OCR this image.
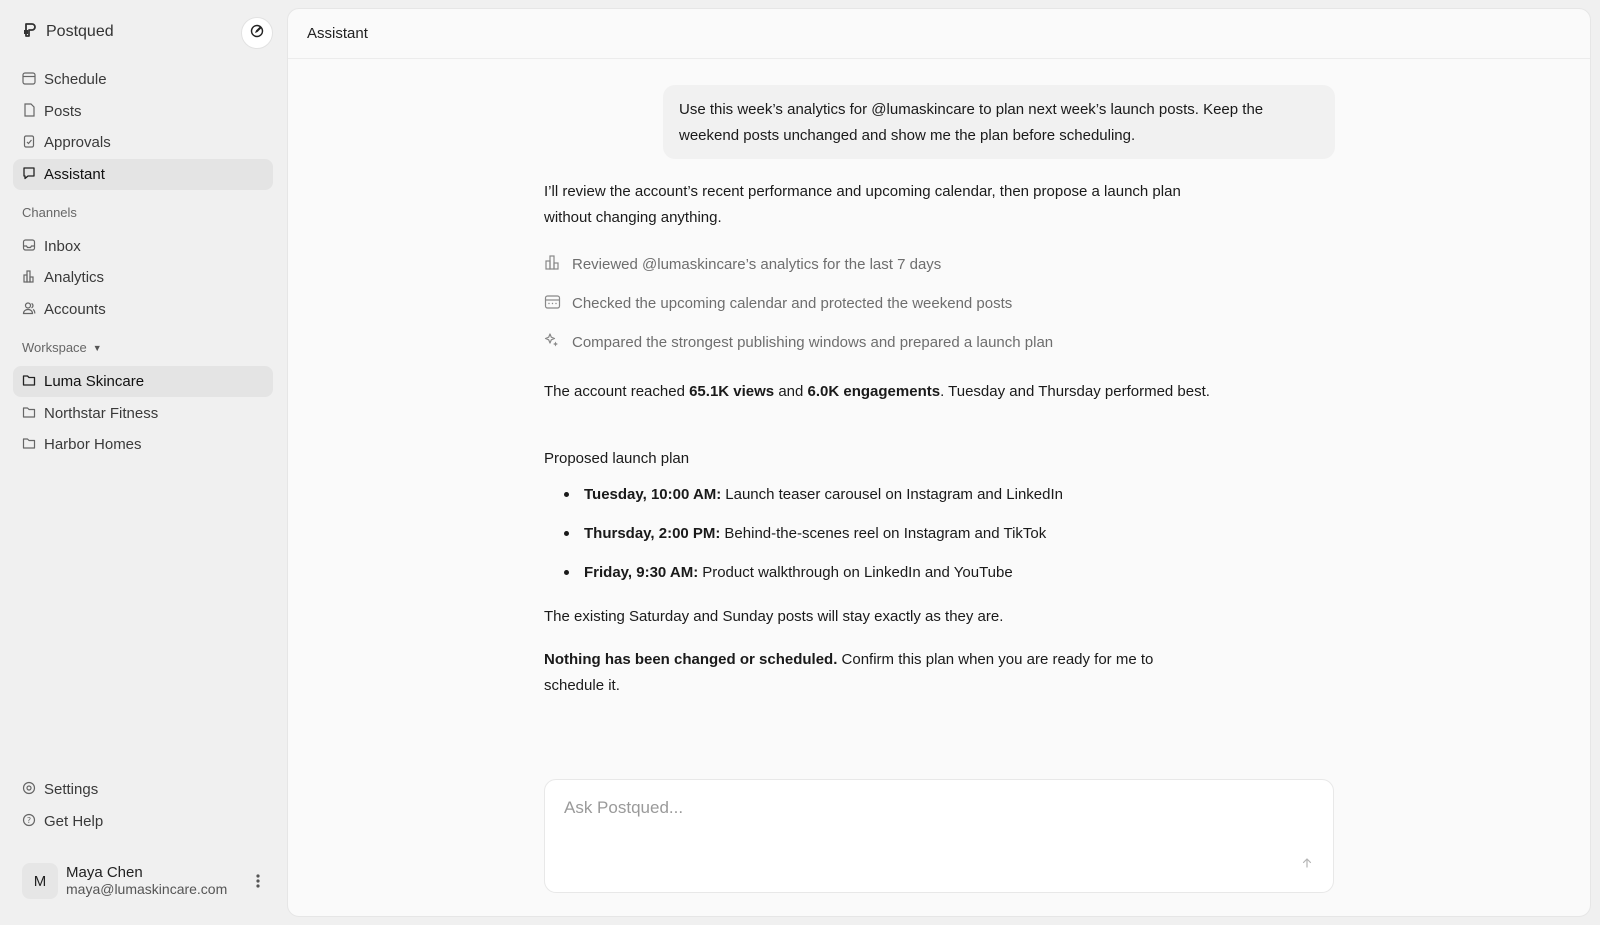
Postqued
Schedule
Posts
Approvals
Assistant
Channels
Inbox
Analytics
Accounts
Workspace ▼
Luma Skincare
Northstar Fitness
Harbor Homes
Settings
? Get Help
M	Maya Chen
maya@lumaskincare.com
Assistant
Use this week’s analytics for @lumaskincare to plan next week’s launch posts. Keep the weekend posts unchanged and show me the plan before scheduling.
I’ll review the account’s recent performance and upcoming calendar, then propose a launch plan without changing anything.
Reviewed @lumaskincare’s analytics for the last 7 days
Checked the upcoming calendar and protected the weekend posts
Compared the strongest publishing windows and prepared a launch plan
The account reached 65.1K views and 6.0K engagements. Tuesday and Thursday performed best.
Proposed launch plan
Tuesday, 10:00 AM: Launch teaser carousel on Instagram and LinkedIn
Thursday, 2:00 PM: Behind-the-scenes reel on Instagram and TikTok
Friday, 9:30 AM: Product walkthrough on LinkedIn and YouTube
The existing Saturday and Sunday posts will stay exactly as they are.
Nothing has been changed or scheduled. Confirm this plan when you are ready for me to schedule it.
Ask Postqued...
